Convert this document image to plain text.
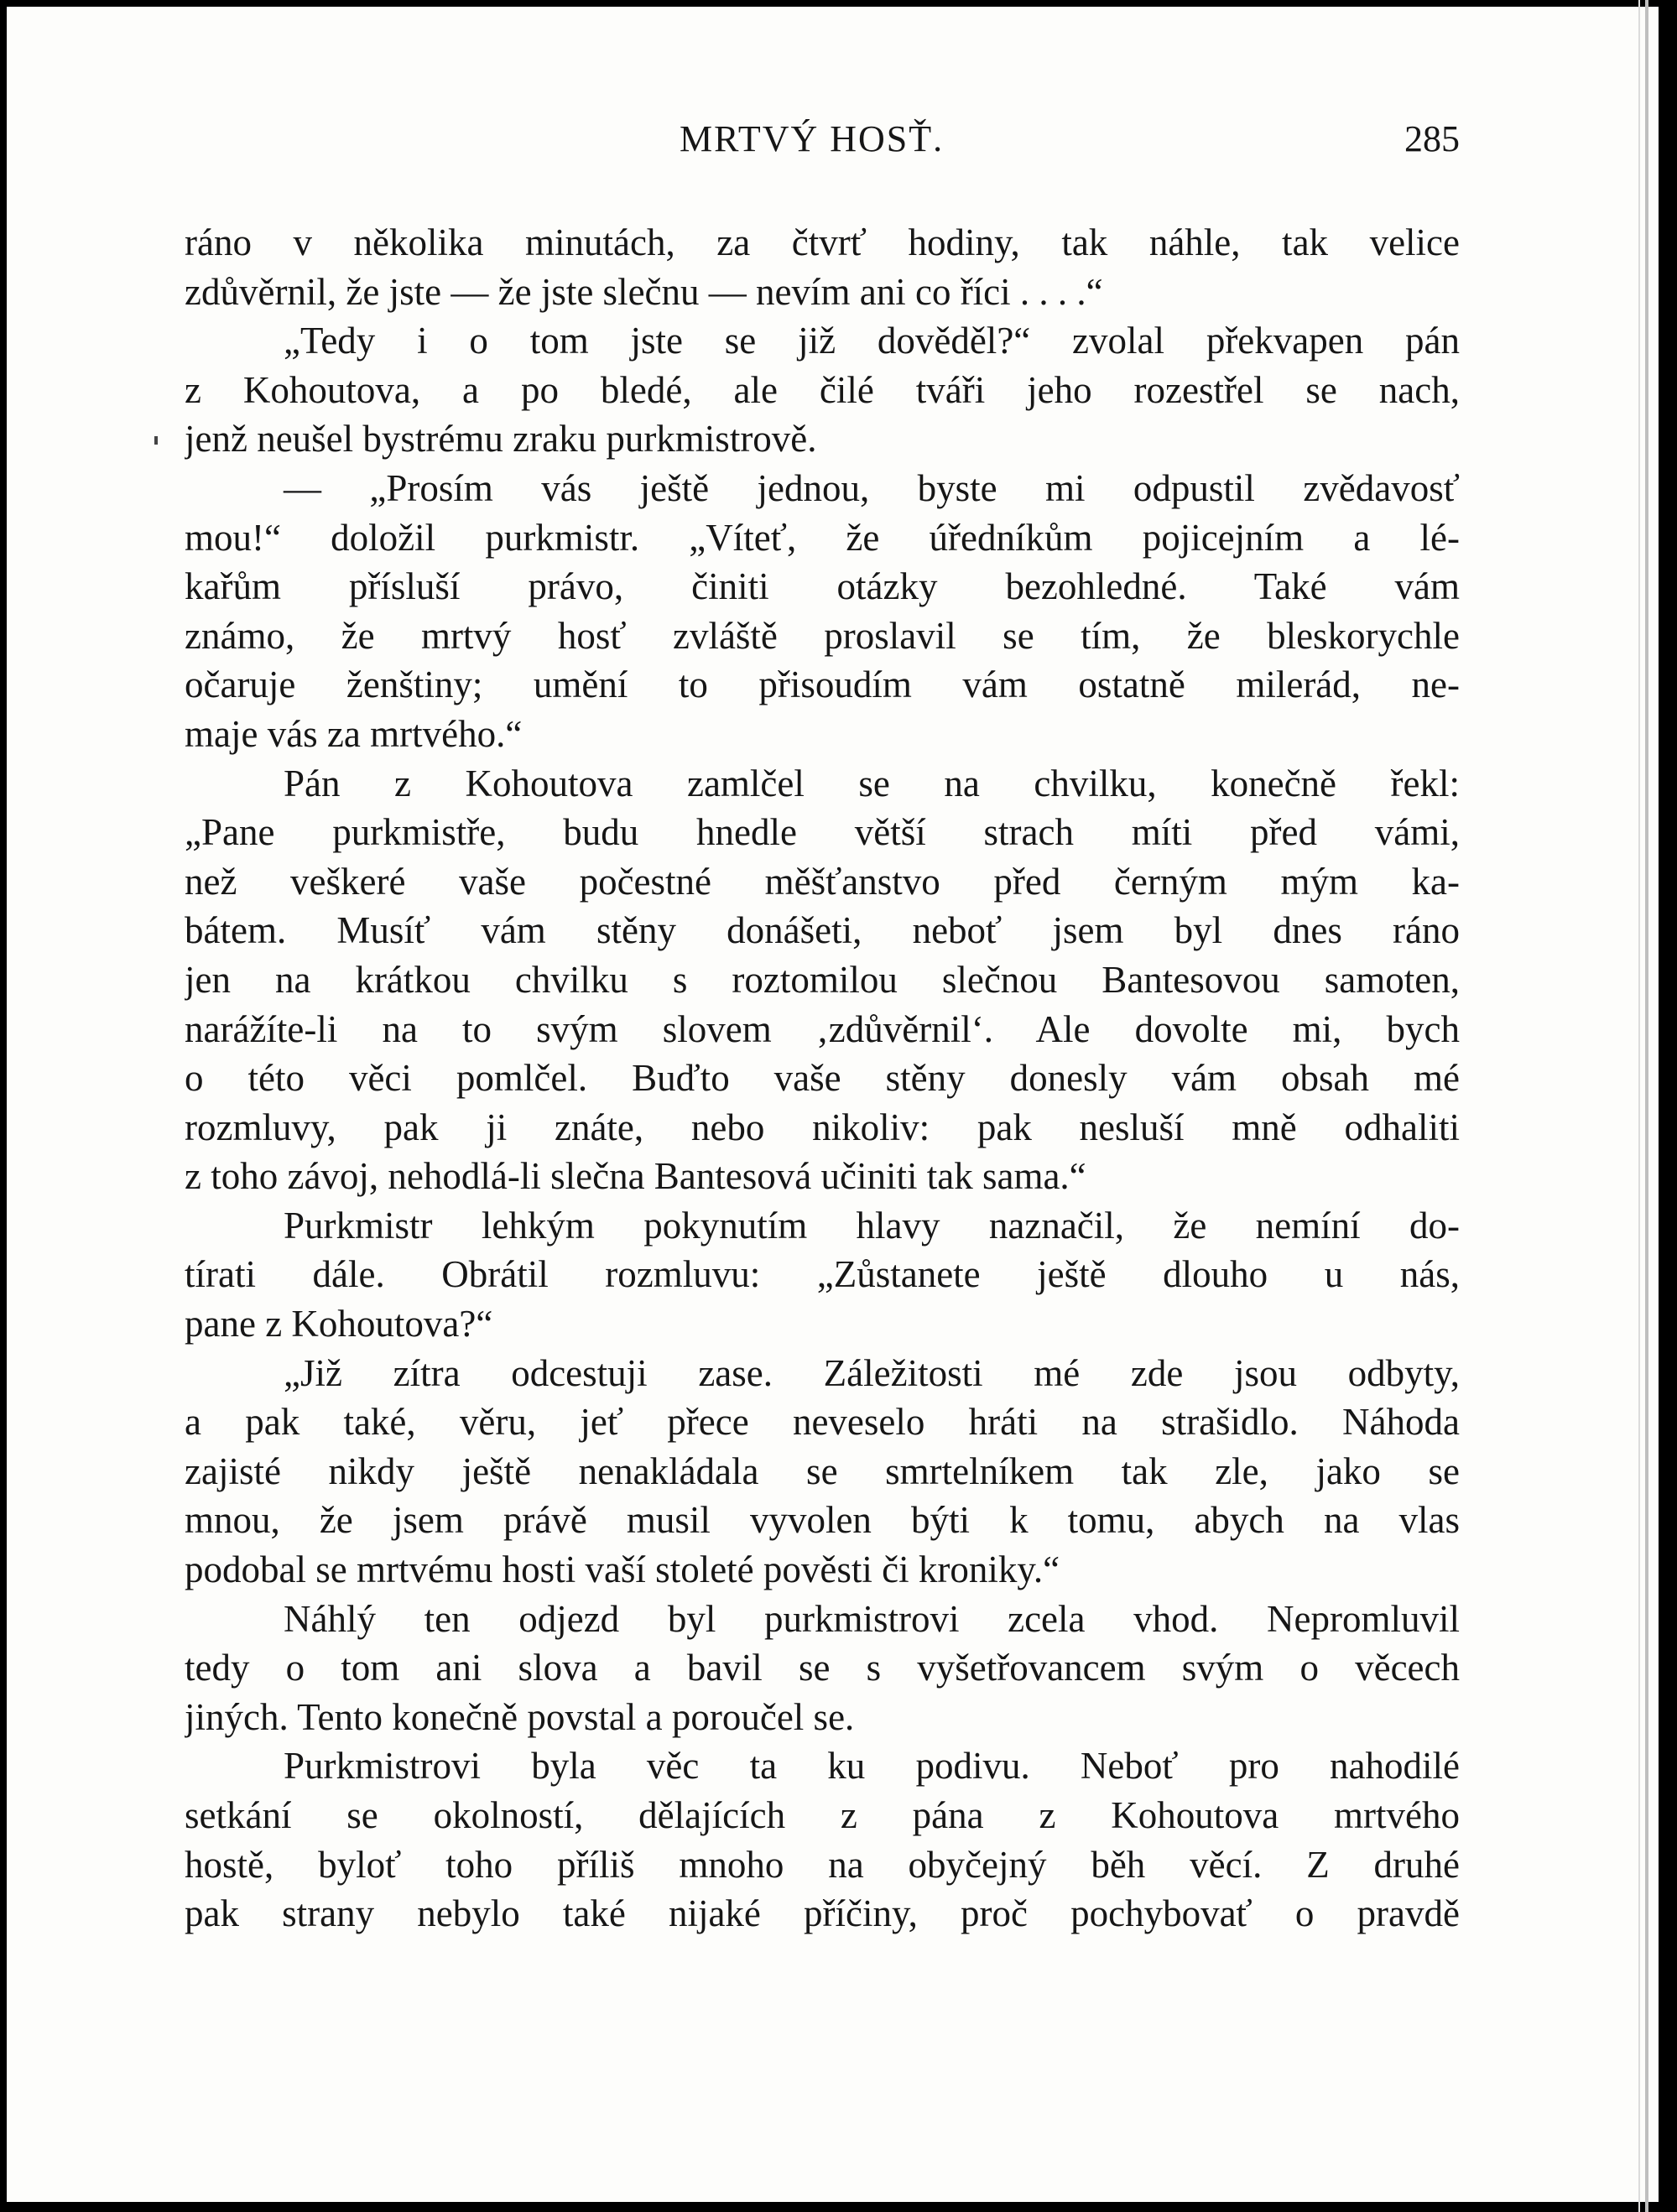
MRTVÝ HOSŤ.	285
ráno v několika minutách, za čtvrť hodiny, tak náhle, tak velice
zdůvěrnil, že jste — že jste slečnu — nevím ani co říci . . . .“
„Tedy i o tom jste se již dověděl?“ zvolal překvapen pán
z Kohoutova, a po bledé, ale čilé tváři jeho rozestřel se nach,
jenž neušel bystrému zraku purkmistrově.
— „Prosím vás ještě jednou, byste mi odpustil zvědavosť
mou!“ doložil purkmistr. „Víteť, že úředníkům pojicejním a lé-
kařům přísluší právo, činiti otázky bezohledné. Také vám
známo, že mrtvý hosť zvláště proslavil se tím, že bleskorychle
očaruje ženštiny; umění to přisoudím vám ostatně milerád, ne-
maje vás za mrtvého.“
Pán z Kohoutova zamlčel se na chvilku, konečně řekl:
„Pane purkmistře, budu hnedle větší strach míti před vámi,
než veškeré vaše počestné měšťanstvo před černým mým ka-
bátem. Musíť vám stěny donášeti, neboť jsem byl dnes ráno
jen na krátkou chvilku s roztomilou slečnou Bantesovou samoten,
narážíte-li na to svým slovem ‚zdůvěrnil‘. Ale dovolte mi, bych
o této věci pomlčel. Buďto vaše stěny donesly vám obsah mé
rozmluvy, pak ji znáte, nebo nikoliv: pak nesluší mně odhaliti
z toho závoj, nehodlá-li slečna Bantesová učiniti tak sama.“
Purkmistr lehkým pokynutím hlavy naznačil, že nemíní do-
tírati dále. Obrátil rozmluvu: „Zůstanete ještě dlouho u nás,
pane z Kohoutova?“
„Již zítra odcestuji zase. Záležitosti mé zde jsou odbyty,
a pak také, věru, jeť přece neveselo hráti na strašidlo. Náhoda
zajisté nikdy ještě nenakládala se smrtelníkem tak zle, jako se
mnou, že jsem právě musil vyvolen býti k tomu, abych na vlas
podobal se mrtvému hosti vaší stoleté pověsti či kroniky.“
Náhlý ten odjezd byl purkmistrovi zcela vhod. Nepromluvil
tedy o tom ani slova a bavil se s vyšetřovancem svým o věcech
jiných. Tento konečně povstal a poroučel se.
Purkmistrovi byla věc ta ku podivu. Neboť pro nahodilé
setkání se okolností, dělajících z pána z Kohoutova mrtvého
hostě, byloť toho příliš mnoho na obyčejný běh věcí. Z druhé
pak strany nebylo také nijaké příčiny, proč pochybovať o pravdě
